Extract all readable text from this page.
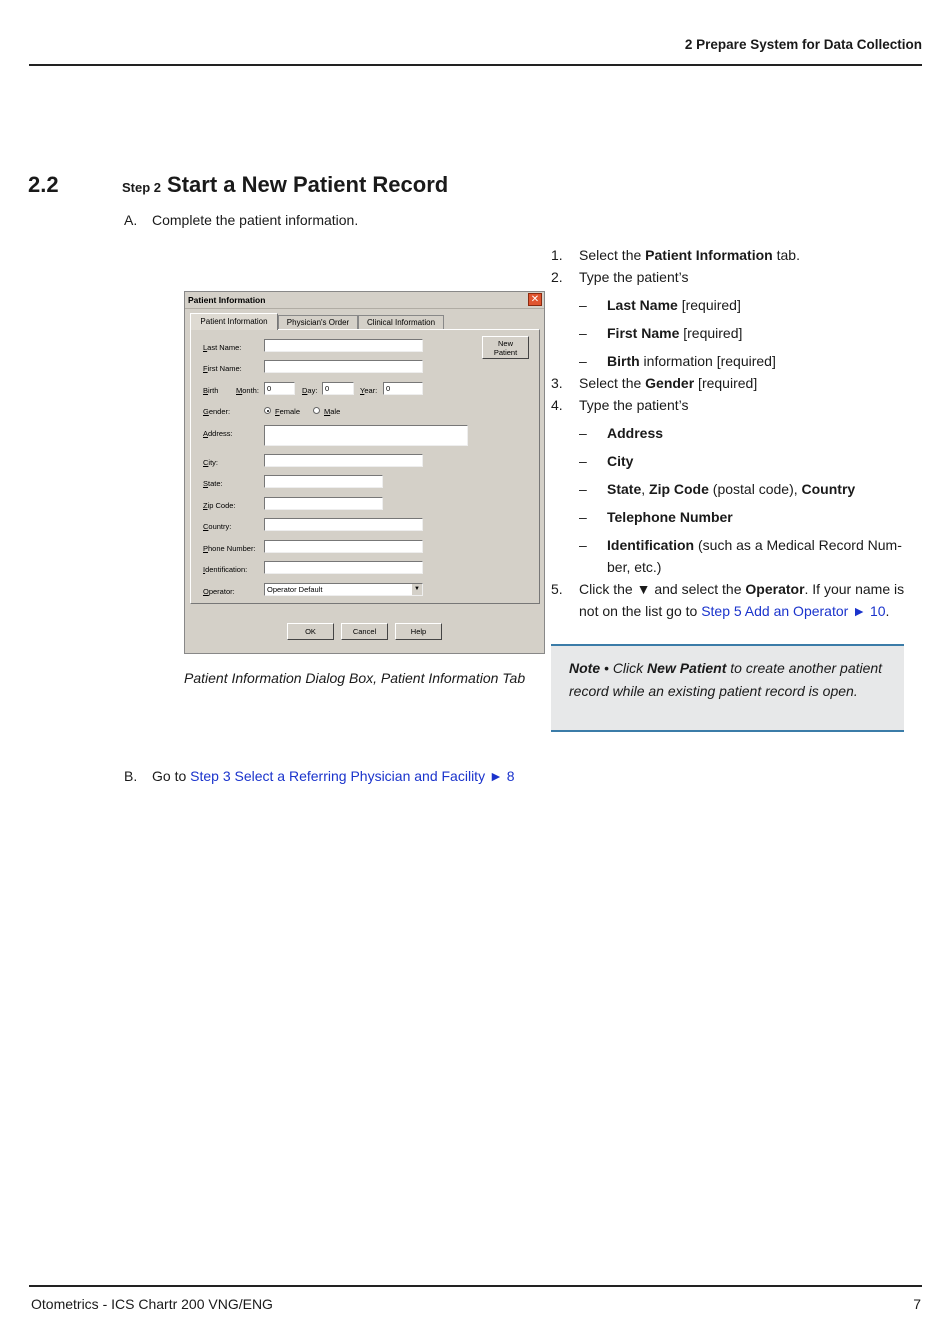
2 Prepare System for Data Collection
2.2	Step 2 Start a New Patient Record
A. Complete the patient information.
Patient Information	✕
Patient Information	Physician's Order	Clinical Information
Last Name:	New
Patient
First Name:
Birth Month:	0	Day:	0	Year:	0
Gender:	Female	Male
Address:
City:
State:
Zip Code:
Country:
Phone Number:
Identification:
Operator:	Operator Default	▼
OK	Cancel	Help
Patient Information Dialog Box, Patient Information Tab
1.	Select the Patient Information tab.
2.	Type the patient’s
–	Last Name [required]
–	First Name [required]
–	Birth information [required]
3.	Select the Gender [required]
4.	Type the patient’s
–	Address
–	City
–	State, Zip Code (postal code), Country
–	Telephone Number
–	Identification (such as a Medical Record Num-ber, etc.)
5.	Click the ▼ and select the Operator. If your name is not on the list go to Step 5 Add an Operator ► 10.
Note • Click New Patient to create another patient record while an existing patient record is open.
B. Go to Step 3 Select a Referring Physician and Facility ► 8
Otometrics - ICS Chartr 200 VNG/ENG	7
